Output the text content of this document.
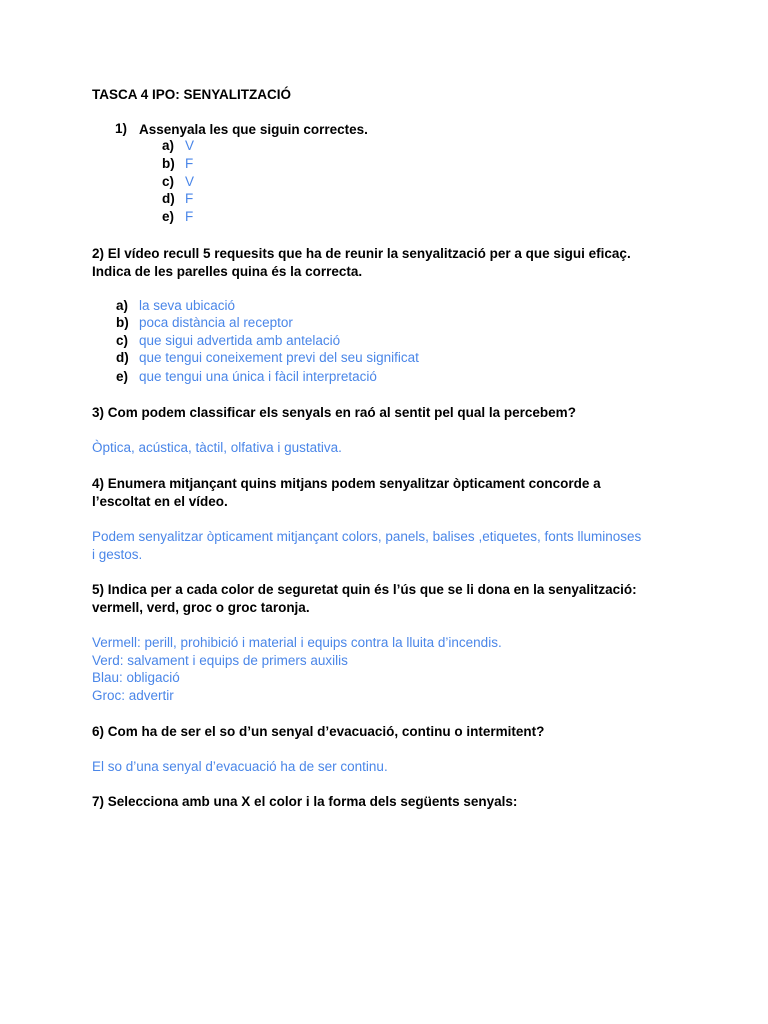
TASCA 4 IPO: SENYALITZACIÓ
1) Assenyala les que siguin correctes.
a) V
b) F
c) V
d) F
e) F
2) El vídeo recull 5 requesits que ha de reunir la senyalització per a que sigui eficaç.
Indica de les parelles quina és la correcta.
a) la seva ubicació
b) poca distància al receptor
c) que sigui advertida amb antelació
d) que tengui coneixement previ del seu significat
e) que tengui una única i fàcil interpretació
3) Com podem classificar els senyals en raó al sentit pel qual la percebem?
Òptica, acústica, tàctil, olfativa i gustativa.
4) Enumera mitjançant quins mitjans podem senyalitzar òpticament concorde a
l’escoltat en el vídeo.
Podem senyalitzar òpticament mitjançant colors, panels, balises ,etiquetes, fonts lluminoses
i gestos.
5) Indica per a cada color de seguretat quin és l’ús que se li dona en la senyalització:
vermell, verd, groc o groc taronja.
Vermell: perill, prohibició i material i equips contra la lluita d’incendis.
Verd: salvament i equips de primers auxilis
Blau: obligació
Groc: advertir
6) Com ha de ser el so d’un senyal d’evacuació, continu o intermitent?
El so d’una senyal d’evacuació ha de ser continu.
7) Selecciona amb una X el color i la forma dels següents senyals:
